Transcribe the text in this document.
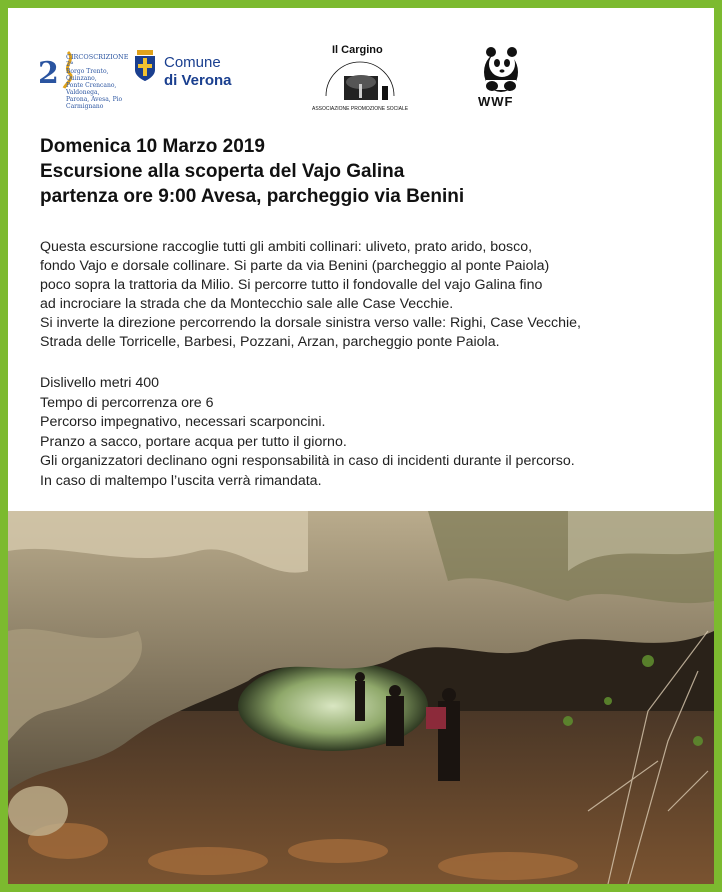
2 CIRCOSCRIZIONE 2ª
Borgo Trento, Quinzano,
Ponte Crencano, Valdonega,
Parona, Avesa, Pio Carmignano
Comune
di Verona
Il Cargino
ASSOCIAZIONE PROMOZIONE SOCIALE	WWF
Domenica 10 Marzo 2019
Escursione alla scoperta del Vajo Galina
partenza ore 9:00 Avesa, parcheggio via Benini

Questa escursione raccoglie tutti gli ambiti collinari: uliveto, prato arido, bosco,

fondo Vajo e dorsale collinare. Si parte da via Benini (parcheggio al ponte Paiola)

poco sopra la trattoria da Milio. Si percorre tutto il fondovalle del vajo Galina fino

ad incrociare la strada che da Montecchio sale alle Case Vecchie.

Si inverte la direzione percorrendo la dorsale sinistra verso valle: Righi, Case Vecchie,

Strada delle Torricelle, Barbesi, Pozzani, Arzan, parcheggio ponte Paiola.

Dislivello metri 400

Tempo di percorrenza ore 6

Percorso impegnativo, necessari scarponcini.

Pranzo a sacco, portare acqua per tutto il giorno.

Gli organizzatori declinano ogni responsabilità in caso di incidenti durante il percorso.

In caso di maltempo l’uscita verrà rimandata.
